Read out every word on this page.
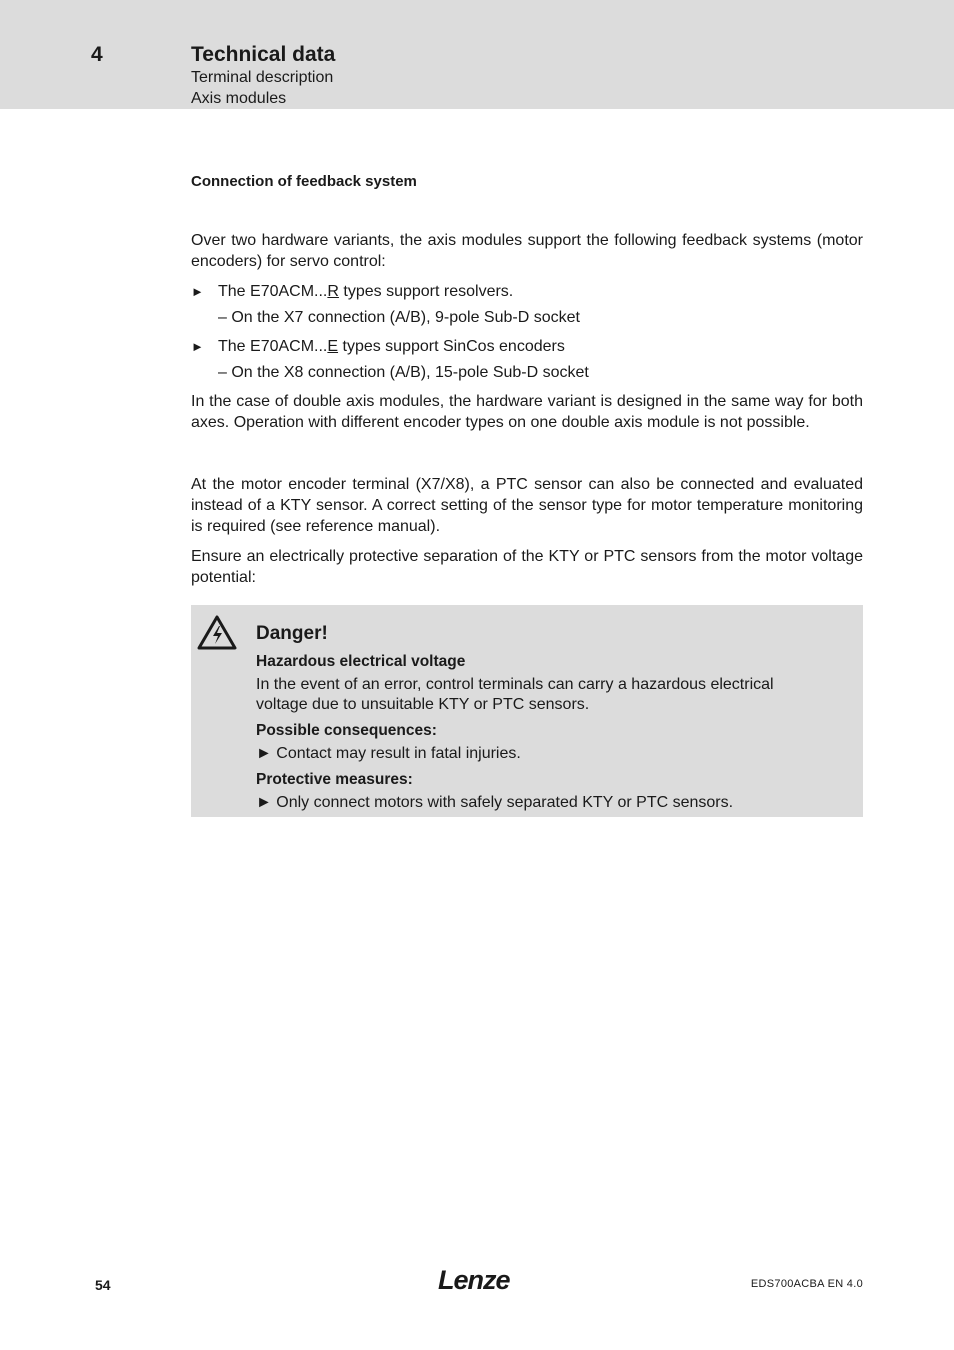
4	Technical data
Terminal description
Axis modules
Connection of feedback system

Over two hardware variants, the axis modules support the following feedback systems (motor encoders) for servo control:

► The E70ACM...R types support resolvers.
– On the X7 connection (A/B), 9-pole Sub-D socket
► The E70ACM...E types support SinCos encoders
– On the X8 connection (A/B), 15-pole Sub-D socket

In the case of double axis modules, the hardware variant is designed in the same way for both axes. Operation with different encoder types on one double axis module is not possible.

At the motor encoder terminal (X7/X8), a PTC sensor can also be connected and evaluated instead of a KTY sensor. A correct setting of the sensor type for motor temperature monitoring is required (see reference manual).

Ensure an electrically protective separation of the KTY or PTC sensors from the motor voltage potential:

Danger!
Hazardous electrical voltage
In the event of an error, control terminals can carry a hazardous electrical
voltage due to unsuitable KTY or PTC sensors.
Possible consequences:
► Contact may result in fatal injuries.
Protective measures:
► Only connect motors with safely separated KTY or PTC sensors.
54	Lenze	EDS700ACBA EN 4.0
